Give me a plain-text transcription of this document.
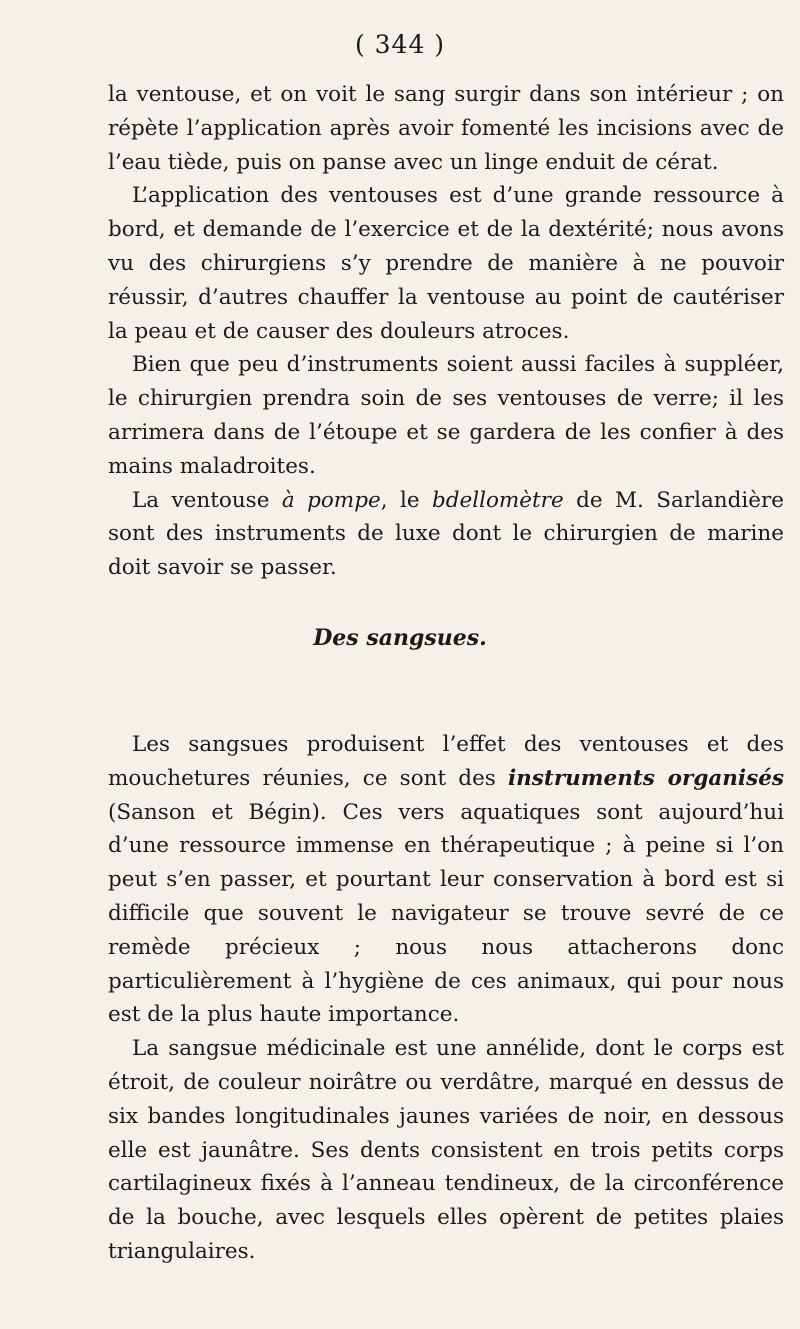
( 344 )

la ventouse, et on voit le sang surgir dans son intérieur ; on répète l’application après avoir fomenté les incisions avec de l’eau tiède, puis on panse avec un linge enduit de cérat.

L’application des ventouses est d’une grande ressource à bord, et demande de l’exercice et de la dextérité; nous avons vu des chirurgiens s’y prendre de manière à ne pouvoir réussir, d’autres chauffer la ventouse au point de cautériser la peau et de causer des douleurs atroces.

Bien que peu d’instruments soient aussi faciles à suppléer, le chirurgien prendra soin de ses ventouses de verre; il les arrimera dans de l’étoupe et se gardera de les confier à des mains maladroites.

La ventouse à pompe, le bdellomètre de M. Sarlandière sont des instruments de luxe dont le chirurgien de marine doit savoir se passer.

Des sangsues.

Les sangsues produisent l’effet des ventouses et des mouchetures réunies, ce sont des instruments organisés (Sanson et Bégin). Ces vers aquatiques sont aujourd’hui d’une ressource immense en thérapeutique ; à peine si l’on peut s’en passer, et pourtant leur conservation à bord est si difficile que souvent le navigateur se trouve sevré de ce remède précieux ; nous nous attacherons donc particulièrement à l’hygiène de ces animaux, qui pour nous est de la plus haute importance.

La sangsue médicinale est une annélide, dont le corps est étroit, de couleur noirâtre ou verdâtre, marqué en dessus de six bandes longitudinales jaunes variées de noir, en dessous elle est jaunâtre. Ses dents consistent en trois petits corps cartilagineux fixés à l’anneau tendineux, de la circonférence de la bouche, avec lesquels elles opèrent de petites plaies triangulaires.
